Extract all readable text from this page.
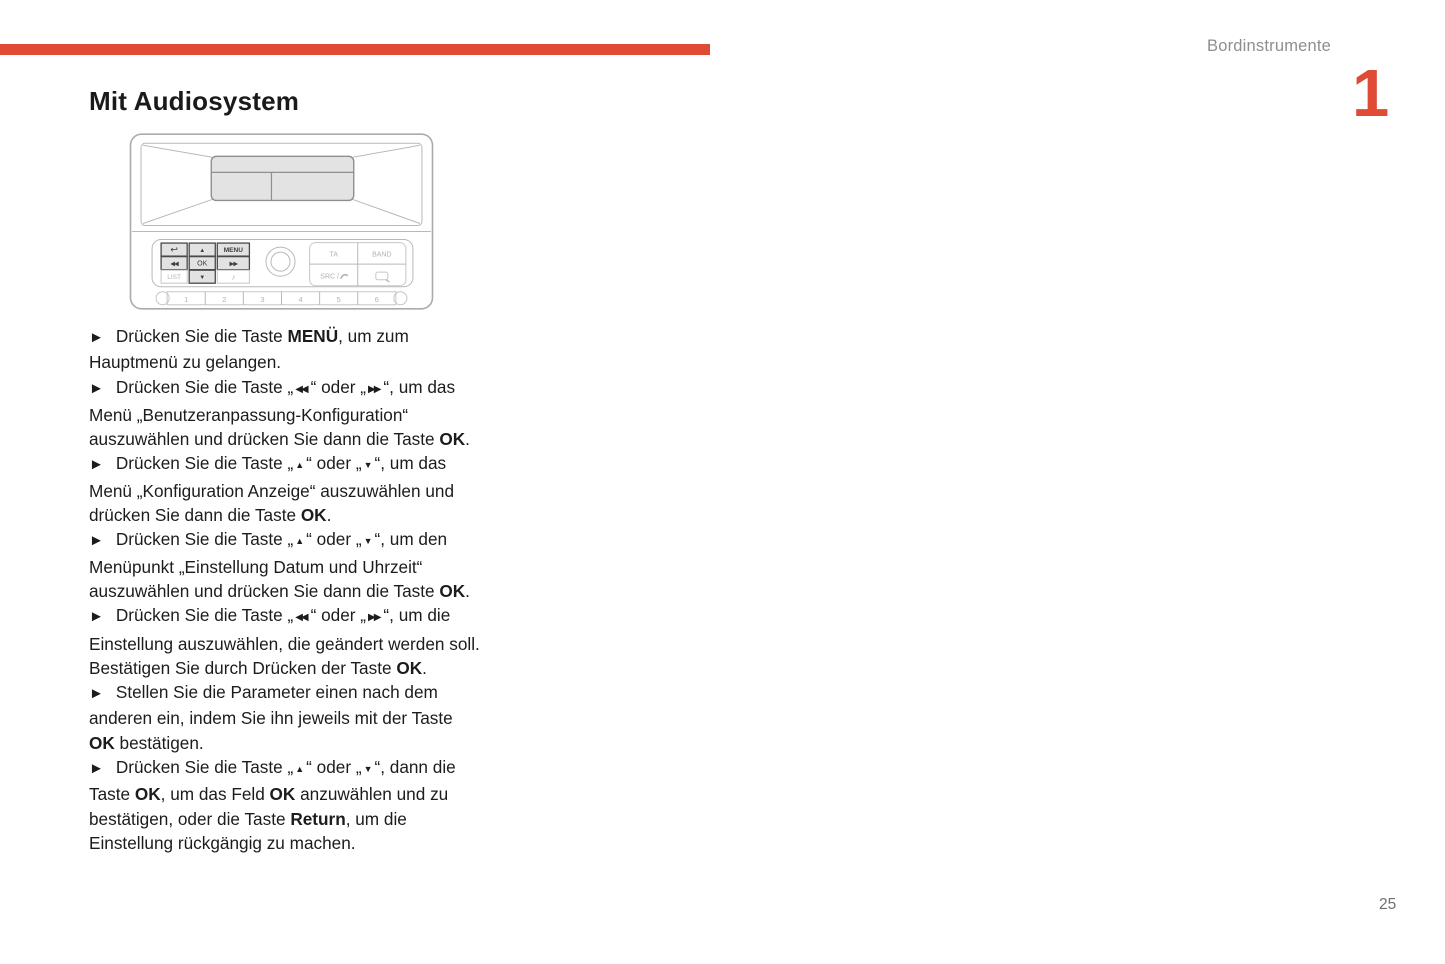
Bordinstrumente
1
Mit Audiosystem
↩	▲	MENU
◀◀	OK	▶▶
LIST	▼	♪
TA	BAND
SRC /
1	2	3	4	5	6

► Drücken Sie die Taste MENÜ, um zum Hauptmenü zu gelangen.

► Drücken Sie die Taste „ ◀◀ “ oder „ ▶▶ “, um das Menü „Benutzeranpassung-Konfiguration“ auszuwählen und drücken Sie dann die Taste OK.

► Drücken Sie die Taste „ ▲ “ oder „ ▼ “, um das Menü „Konfiguration Anzeige“ auszuwählen und drücken Sie dann die Taste OK.

► Drücken Sie die Taste „ ▲ “ oder „ ▼ “, um den Menüpunkt „Einstellung Datum und Uhrzeit“ auszuwählen und drücken Sie dann die Taste OK.

► Drücken Sie die Taste „ ◀◀ “ oder „ ▶▶ “, um die Einstellung auszuwählen, die geändert werden soll. Bestätigen Sie durch Drücken der Taste OK.

► Stellen Sie die Parameter einen nach dem anderen ein, indem Sie ihn jeweils mit der Taste OK bestätigen.

► Drücken Sie die Taste „ ▲ “ oder „ ▼ “, dann die Taste OK, um das Feld OK anzuwählen und zu bestätigen, oder die Taste Return, um die Einstellung rückgängig zu machen.

25
